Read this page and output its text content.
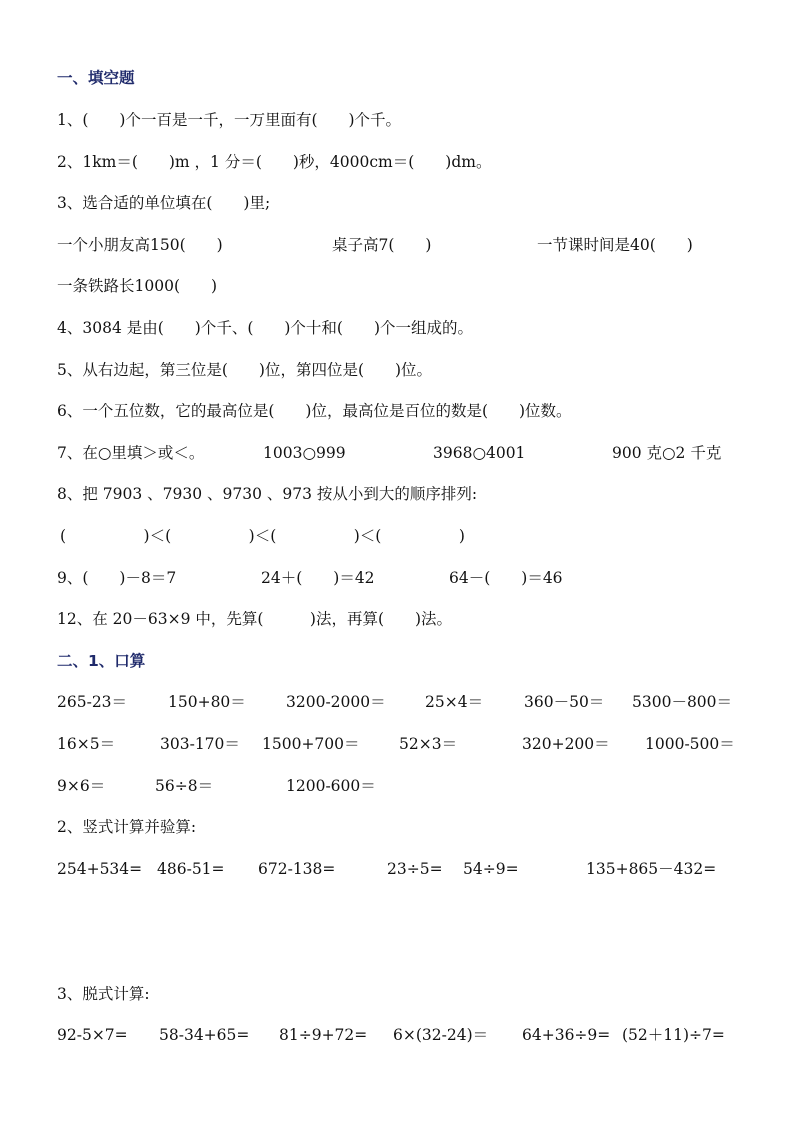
一、填空题
1、(　　)个一百是一千，一万里面有(　　)个千。
2、1km＝(　　)m ，1 分＝(　　)秒，4000cm＝(　　)dm。
3、选合适的单位填在(　　)里;
一个小朋友高150(　　)	桌子高7(　　)	一节课时间是40(　　)
一条铁路长1000(　　)
4、3084 是由(　　)个千、(　　)个十和(　　)个一组成的。
5、从右边起，第三位是(　　)位，第四位是(　　)位。
6、一个五位数，它的最高位是(　　)位，最高位是百位的数是(　　)位数。
7、在○里填＞或＜。	1003○999	3968○4001	900 克○2 千克
8、把 7903 、7930 、9730 、973 按从小到大的顺序排列:
(　　　　　)＜(　　　　　)＜(　　　　　)＜(　　　　　)
9、(　　)－8＝7	24＋(　　)＝42	64－(　　)＝46
12、在 20－63×9 中，先算(　　　)法，再算(　　)法。
二、1、口算
265-23＝	150+80＝	3200-2000＝	25×4＝	360－50＝ 5300－800＝
16×5＝	303-170＝ 1500+700＝	52×3＝	320+200＝ 1000-500＝
9×6＝	56÷8＝	1200-600＝
2、竖式计算并验算:
254+534= 486-51= 672-138=	23÷5= 54÷9=	135+865－432=
3、脱式计算:
92-5×7= 58-34+65= 81÷9+72= 6×(32-24)＝ 64+36÷9= (52＋11)÷7=
